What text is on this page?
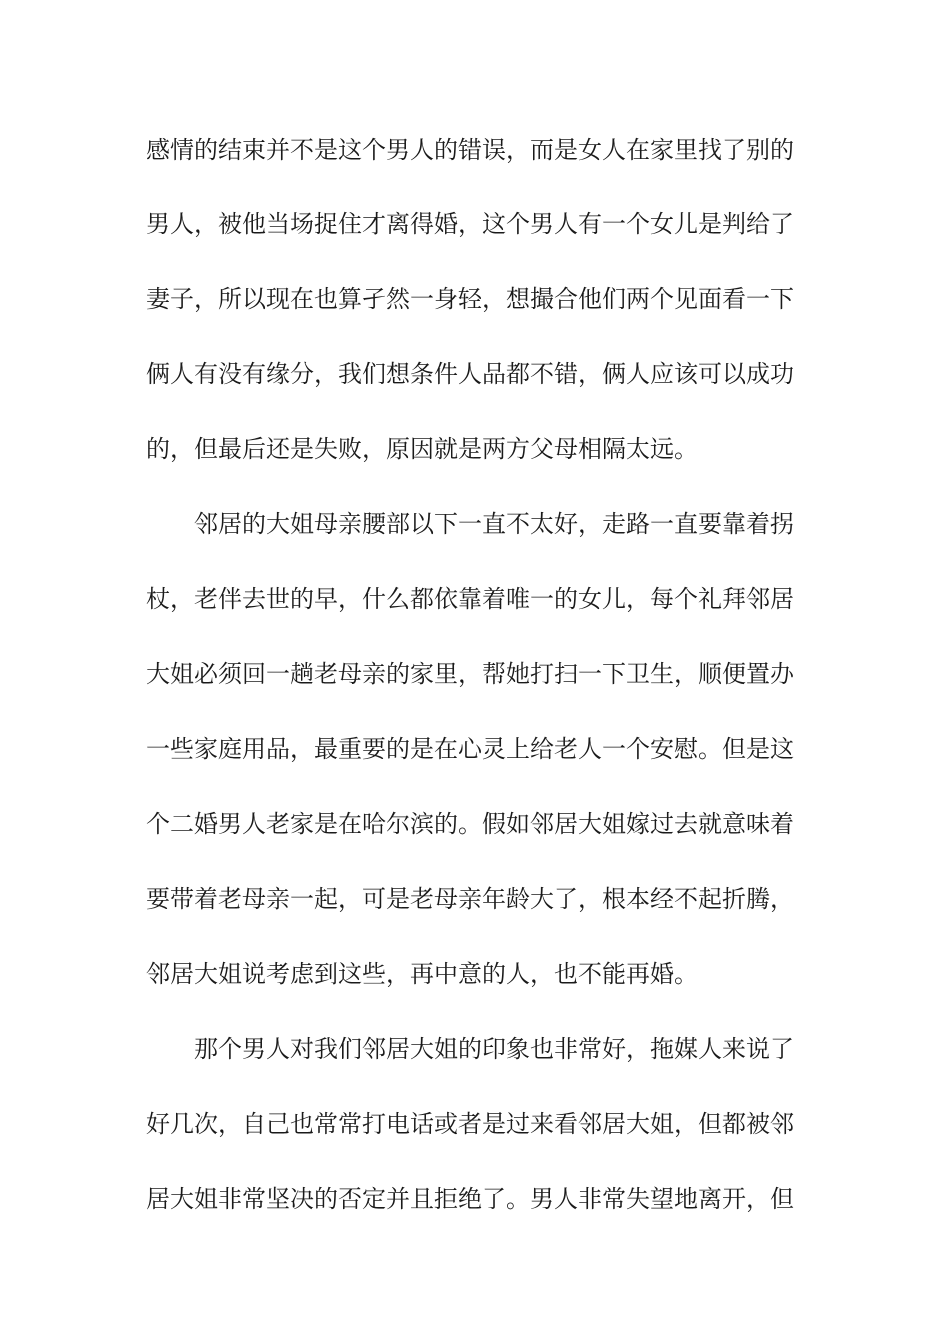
感情的结束并不是这个男人的错误，而是女人在家里找了别的
男人，被他当场捉住才离得婚，这个男人有一个女儿是判给了
妻子，所以现在也算孑然一身轻，想撮合他们两个见面看一下
俩人有没有缘分，我们想条件人品都不错，俩人应该可以成功
的，但最后还是失败，原因就是两方父母相隔太远。
邻居的大姐母亲腰部以下一直不太好，走路一直要靠着拐
杖，老伴去世的早，什么都依靠着唯一的女儿，每个礼拜邻居
大姐必须回一趟老母亲的家里，帮她打扫一下卫生，顺便置办
一些家庭用品，最重要的是在心灵上给老人一个安慰。但是这
个二婚男人老家是在哈尔滨的。假如邻居大姐嫁过去就意味着
要带着老母亲一起，可是老母亲年龄大了，根本经不起折腾，
邻居大姐说考虑到这些，再中意的人，也不能再婚。
那个男人对我们邻居大姐的印象也非常好，拖媒人来说了
好几次，自己也常常打电话或者是过来看邻居大姐，但都被邻
居大姐非常坚决的否定并且拒绝了。男人非常失望地离开，但
